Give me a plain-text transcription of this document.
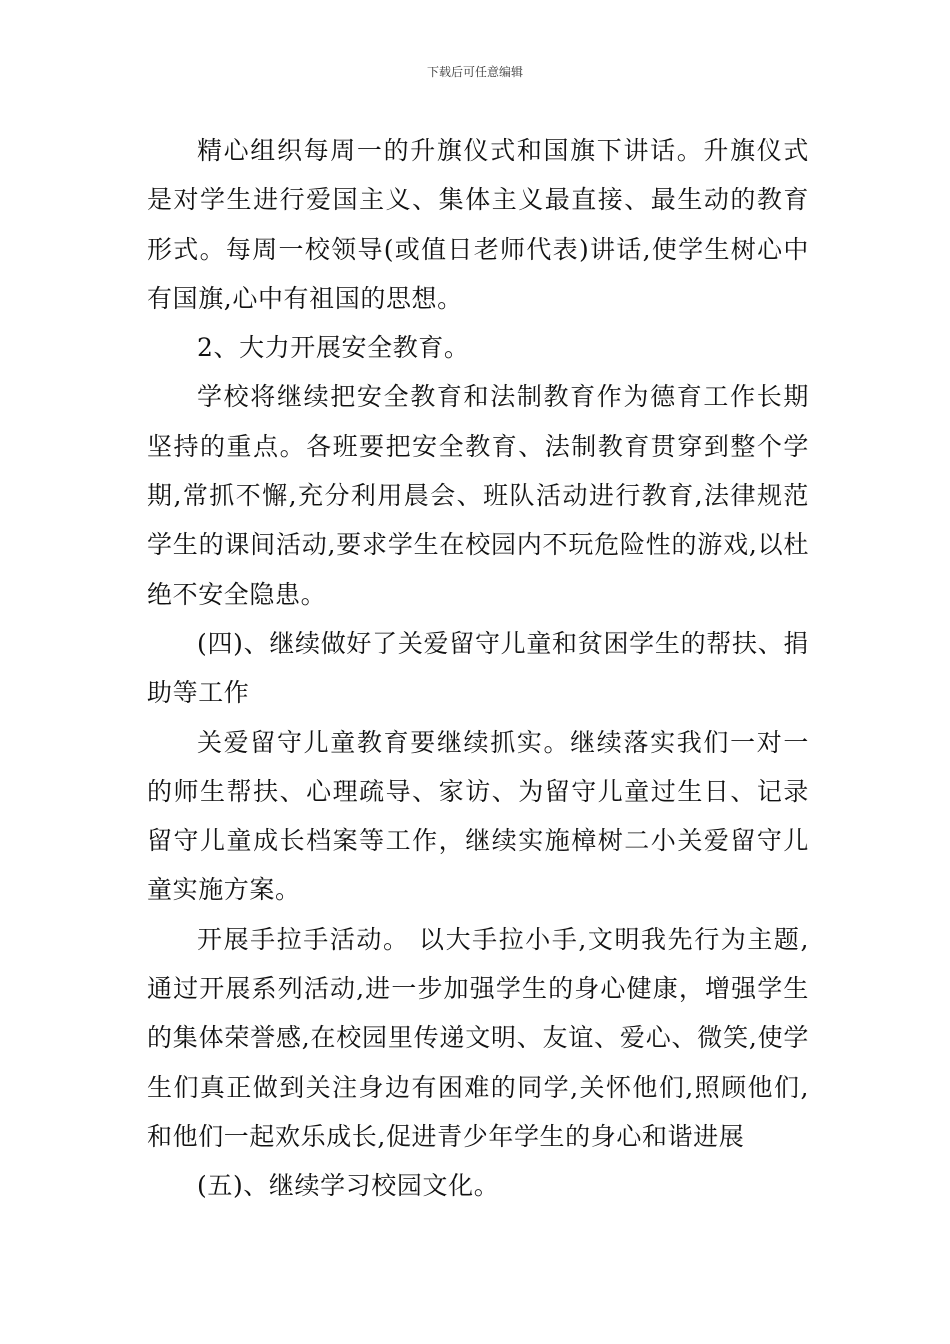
下载后可任意编辑

精心组织每周一的升旗仪式和国旗下讲话。升旗仪式是对学生进行爱国主义、集体主义最直接、最生动的教育形式。每周一校领导(或值日老师代表)讲话,使学生树心中有国旗,心中有祖国的思想。

2、大力开展安全教育。

学校将继续把安全教育和法制教育作为德育工作长期坚持的重点。各班要把安全教育、法制教育贯穿到整个学期,常抓不懈,充分利用晨会、班队活动进行教育,法律规范学生的课间活动,要求学生在校园内不玩危险性的游戏,以杜绝不安全隐患。

(四)、继续做好了关爱留守儿童和贫困学生的帮扶、捐助等工作

关爱留守儿童教育要继续抓实。继续落实我们一对一的师生帮扶、心理疏导、家访、为留守儿童过生日、记录留守儿童成长档案等工作，继续实施樟树二小关爱留守儿童实施方案。

开展手拉手活动。 以大手拉小手,文明我先行为主题,通过开展系列活动,进一步加强学生的身心健康，增强学生的集体荣誉感,在校园里传递文明、友谊、爱心、微笑,使学生们真正做到关注身边有困难的同学,关怀他们,照顾他们,和他们一起欢乐成长,促进青少年学生的身心和谐进展

(五)、继续学习校园文化。
